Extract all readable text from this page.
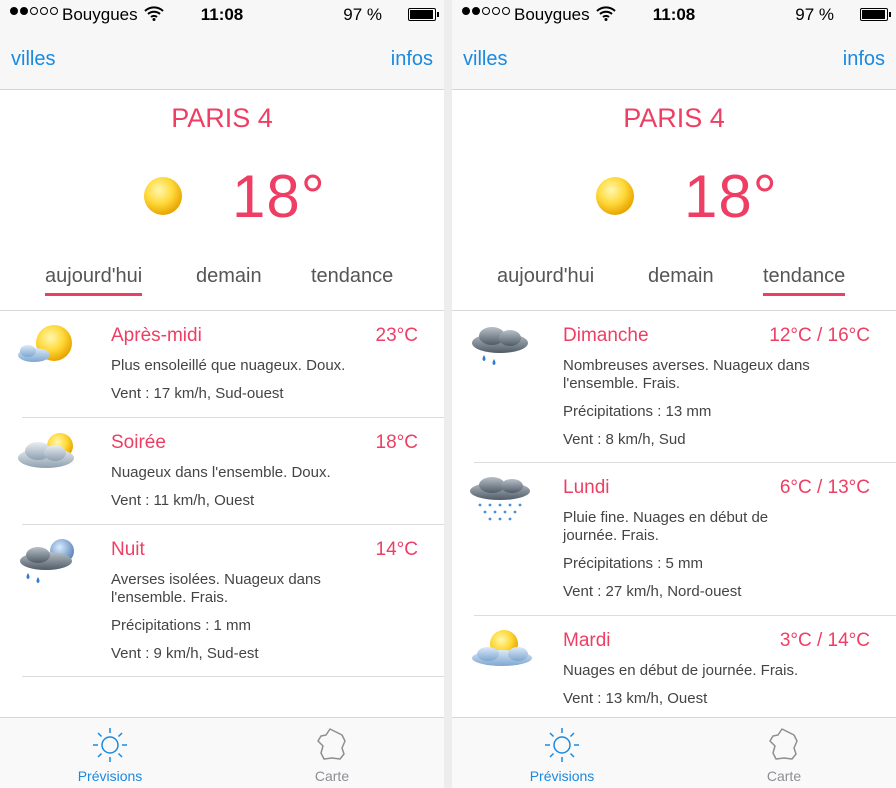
Bouygues	11:08	97 %
villes	infos
PARIS 4
18°
aujourd'hui	demain tendance
Après-midi	23°C
Plus ensoleillé que nuageux. Doux.
Vent : 17 km/h, Sud-ouest
Soirée	18°C
Nuageux dans l'ensemble. Doux.
Vent : 11 km/h, Ouest
Nuit	14°C
Averses isolées. Nuageux dans l'ensemble. Frais.
Précipitations : 1 mm
Vent : 9 km/h, Sud-est
Prévisions	Carte
Bouygues	11:08	97 %
villes	infos
PARIS 4
18°
aujourd'hui	demain tendance
Dimanche	12°C / 16°C
Nombreuses averses. Nuageux dans l'ensemble. Frais.
Précipitations : 13 mm
Vent : 8 km/h, Sud
Lundi	6°C / 13°C
Pluie fine. Nuages en début de journée. Frais.
Précipitations : 5 mm
Vent : 27 km/h, Nord-ouest
Mardi	3°C / 14°C
Nuages en début de journée. Frais.
Vent : 13 km/h, Ouest
Prévisions	Carte
